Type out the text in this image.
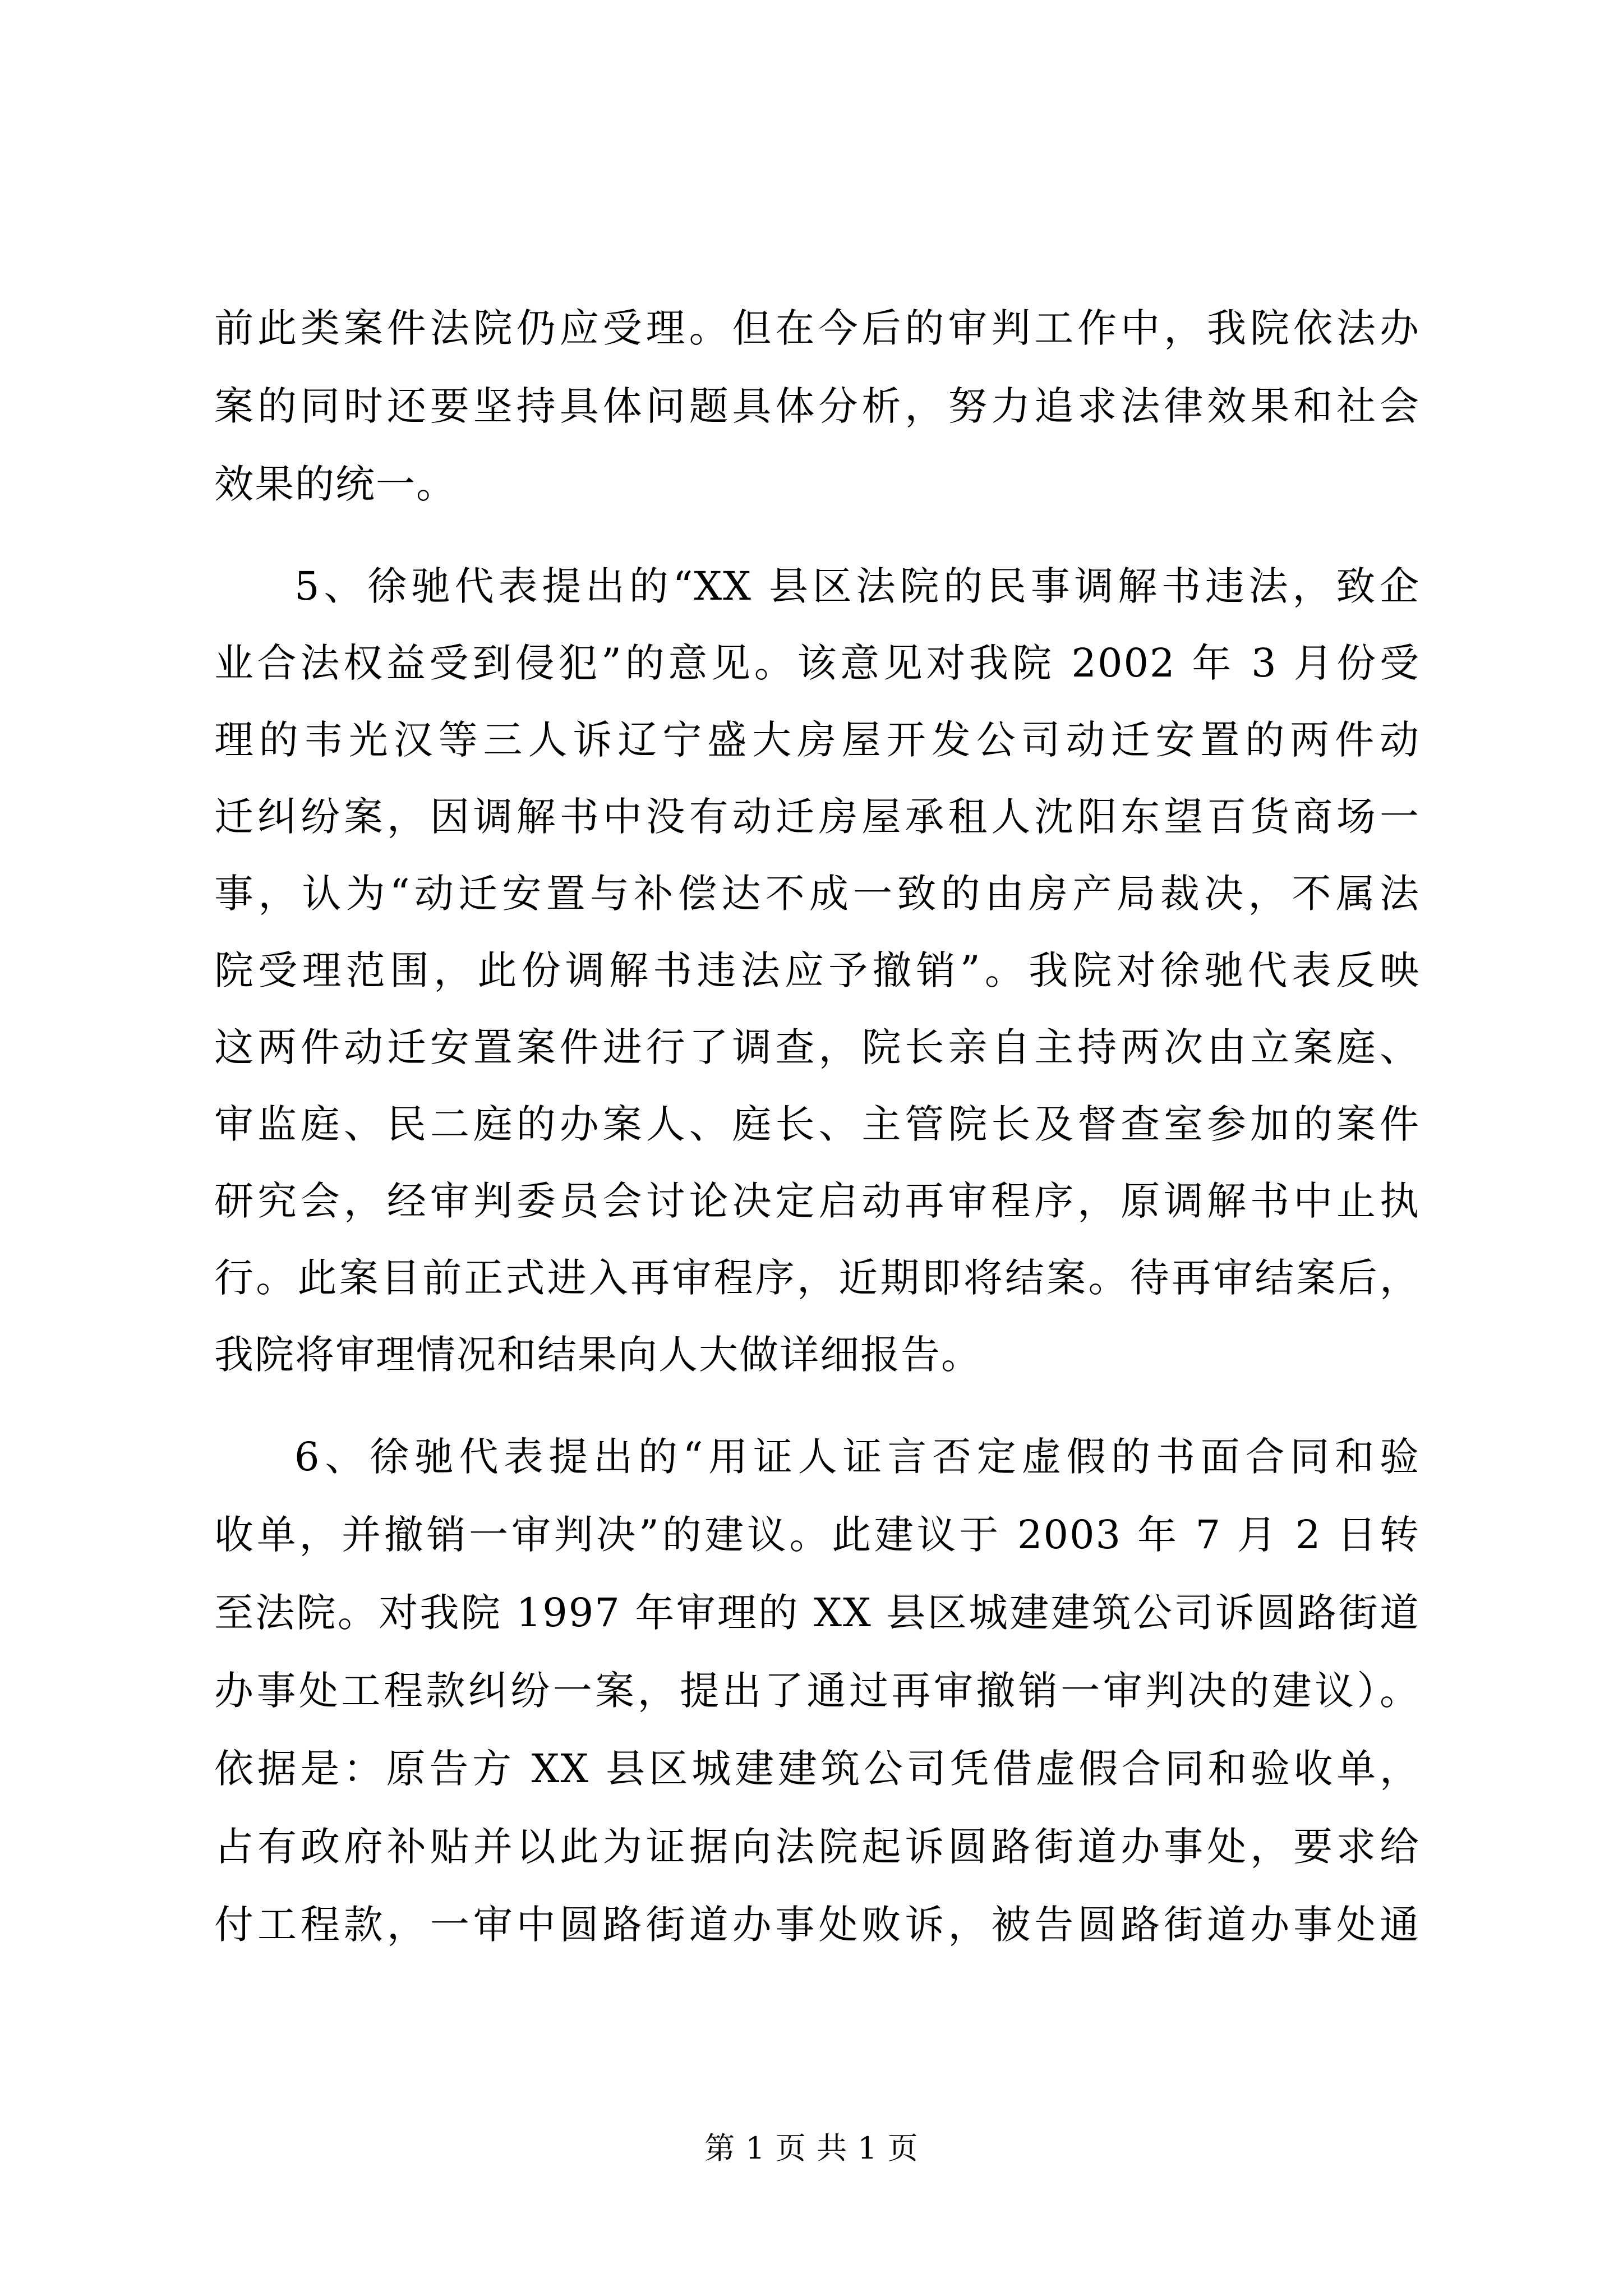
前此类案件法院仍应受理。但在今后的审判工作中，我院依法办
案的同时还要坚持具体问题具体分析，努力追求法律效果和社会
效果的统一。
5、徐驰代表提出的“XX 县区法院的民事调解书违法，致企
业合法权益受到侵犯”的意见。该意见对我院 2002 年 3 月份受
理的韦光汉等三人诉辽宁盛大房屋开发公司动迁安置的两件动
迁纠纷案，因调解书中没有动迁房屋承租人沈阳东望百货商场一
事，认为“动迁安置与补偿达不成一致的由房产局裁决，不属法
院受理范围，此份调解书违法应予撤销”。我院对徐驰代表反映
这两件动迁安置案件进行了调查，院长亲自主持两次由立案庭、
审监庭、民二庭的办案人、庭长、主管院长及督查室参加的案件
研究会，经审判委员会讨论决定启动再审程序，原调解书中止执
行。此案目前正式进入再审程序，近期即将结案。待再审结案后，
我院将审理情况和结果向人大做详细报告。
6、徐驰代表提出的“用证人证言否定虚假的书面合同和验
收单，并撤销一审判决”的建议。此建议于 2003 年 7 月 2 日转
至法院。对我院 1997 年审理的 XX 县区城建建筑公司诉圆路街道
办事处工程款纠纷一案，提出了通过再审撤销一审判决的建议）。
依据是：原告方 XX 县区城建建筑公司凭借虚假合同和验收单，
占有政府补贴并以此为证据向法院起诉圆路街道办事处，要求给
付工程款，一审中圆路街道办事处败诉，被告圆路街道办事处通
第 1 页 共 1 页
